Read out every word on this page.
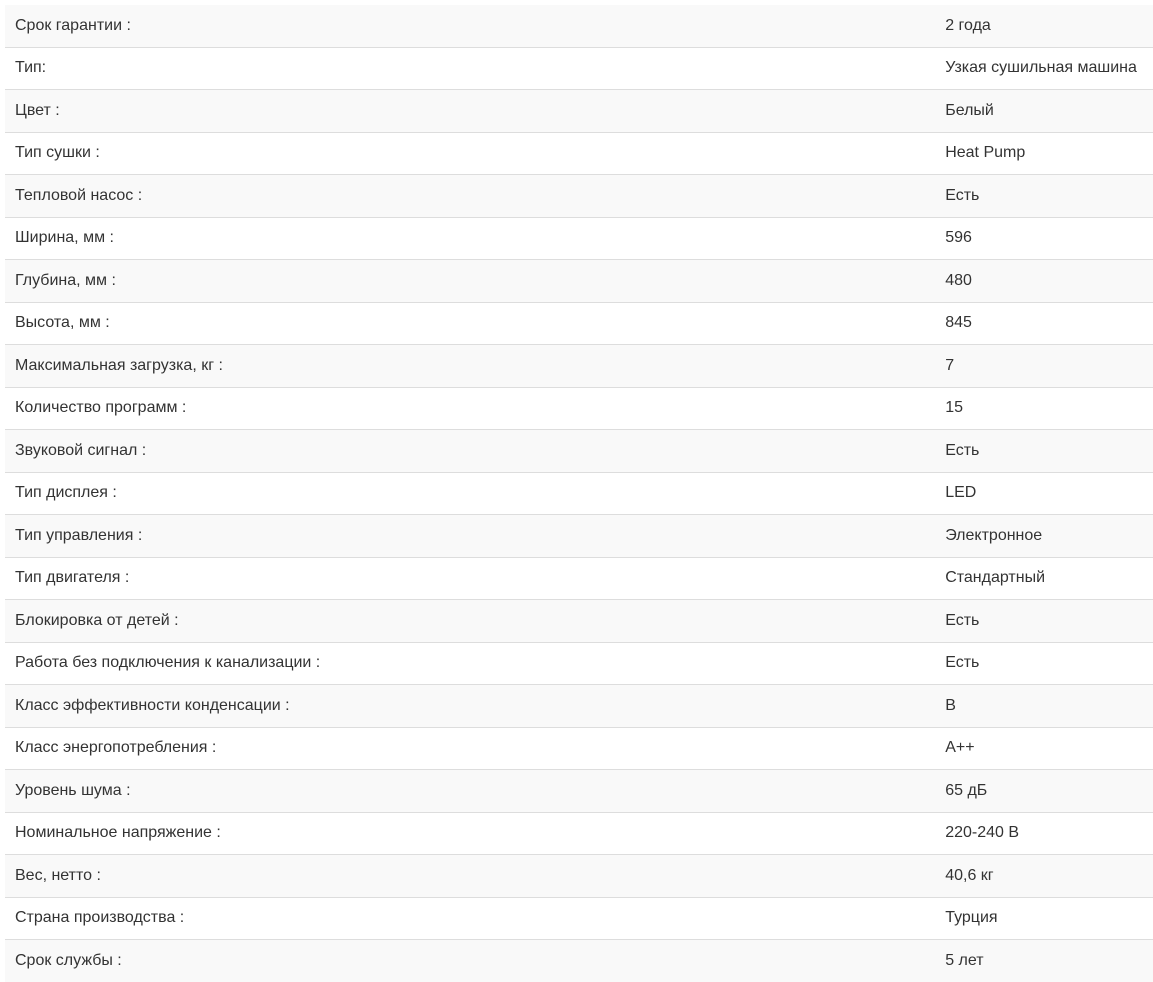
Срок гарантии :	2 года
Тип:	Узкая сушильная машина
Цвет :	Белый
Тип сушки :	Heat Pump
Тепловой насос :	Есть
Ширина, мм :	596
Глубина, мм :	480
Высота, мм :	845
Максимальная загрузка, кг :	7
Количество программ :	15
Звуковой сигнал :	Есть
Тип дисплея :	LED
Тип управления :	Электронное
Тип двигателя :	Стандартный
Блокировка от детей :	Есть
Работа без подключения к канализации :	Есть
Класс эффективности конденсации :	B
Класс энергопотребления :	A++
Уровень шума :	65 дБ
Номинальное напряжение :	220-240 В
Вес, нетто :	40,6 кг
Страна производства :	Турция
Срок службы :	5 лет
